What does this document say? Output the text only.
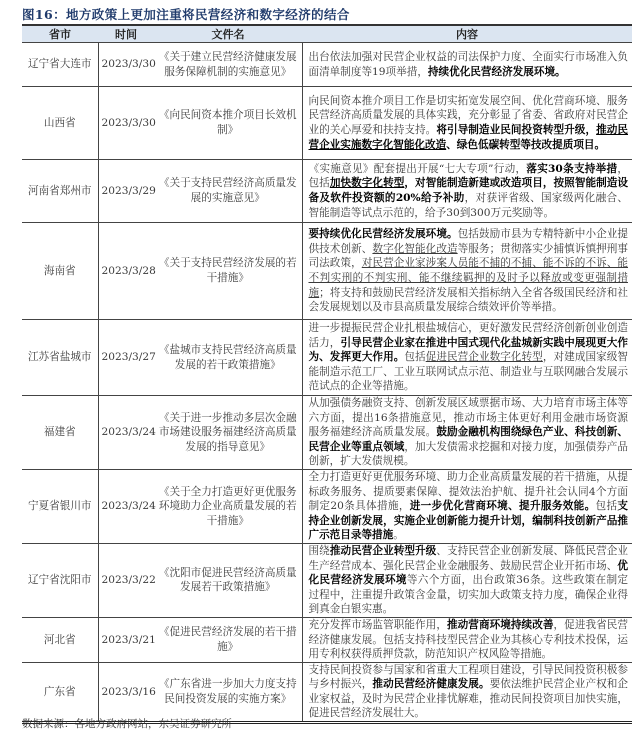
图16：地方政策上更加注重将民营经济和数字经济的结合
省市	时间	文件名	内容
辽宁省大连市	2023/3/30	《关于建立民营经济健康发展服务保障机制的实施意见》	出台依法加强对民营企业权益的司法保护力度、全面实行市场准入负面清单制度等19项举措，持续优化民营经济发展环境。
山西省	2023/3/30	《向民间资本推介项目长效机制》	向民间资本推介项目工作是切实拓宽发展空间、优化营商环境、服务民营经济高质量发展的具体实践，充分彰显了省委、省政府对民营企业的关心厚爱和扶持支持。将引导制造业民间投资转型升级，推动民营企业实施数字化智能化改造、绿色低碳转型等技改提质项目。
河南省郑州市	2023/3/29	《关于支持民营经济高质量发展的实施意见》	《实施意见》配套提出开展“七大专项”行动，落实30条支持举措，包括加快数字化转型，对智能制造新建或改造项目，按照智能制造设备及软件投资额的20%给予补助，对获评省级、国家级两化融合、智能制造等试点示范的，给予30到300万元奖励等。
海南省	2023/3/28	《关于支持民营经济发展的若干措施》	要持续优化民营经济发展环境。包括鼓励市县为专精特新中小企业提供技术创新、数字化智能化改造等服务；贯彻落实少捕慎诉慎押刑事司法政策，对民营企业家涉案人员能不捕的不捕、能不诉的不诉、能不判实刑的不判实刑、能不继续羁押的及时予以释放或变更强制措施；将支持和鼓励民营经济发展相关指标纳入全省各级国民经济和社会发展规划以及市县高质量发展综合绩效评价等举措。
江苏省盐城市	2023/3/27	《盐城市支持民营经济高质量发展的若干政策措施》	进一步提振民营企业扎根盐城信心，更好激发民营经济创新创业创造活力，引导民营企业家在推进中国式现代化盐城新实践中展现更大作为、发挥更大作用。包括促进民营企业数字化转型，对建成国家级智能制造示范工厂、工业互联网试点示范、制造业与互联网融合发展示范试点的企业等措施。
福建省	2023/3/24	《关于进一步推动多层次金融市场建设服务福建经济高质量发展的指导意见》	从加强债务融资支持、创新发展区域票据市场、大力培育市场主体等六方面，提出16条措施意见，推动市场主体更好利用金融市场资源服务福建经济高质量发展。鼓励金融机构围绕绿色产业、科技创新、民营企业等重点领域，加大发债需求挖掘和对接力度，加强债券产品创新，扩大发债规模。
宁夏省银川市	2023/3/24	《关于全力打造更好更优服务环境助力企业高质量发展的若干措施》	全力打造更好更优服务环境、助力企业高质量发展的若干措施，从提标政务服务、提质要素保障、提效法治护航、提升社会认同4个方面制定20条具体措施，进一步优化营商环境、提升服务效能。包括支持企业创新发展，实施企业创新能力提升计划，编制科技创新产品推广示范目录等措施。
辽宁省沈阳市	2023/3/22	《沈阳市促进民营经济高质量发展若干政策措施》	围绕推动民营企业转型升级、支持民营企业创新发展、降低民营企业生产经营成本、强化民营企业金融服务、鼓励民营企业开拓市场、优化民营经济发展环境等六个方面，出台政策36条。这些政策在制定过程中，注重提升政策含金量，切实加大政策支持力度，确保企业得到真金白银实惠。
河北省	2023/3/21	《促进民营经济发展的若干措施》	充分发挥市场监管职能作用，推动营商环境持续改善，促进我省民营经济健康发展。包括支持科技型民营企业为其核心专利技术投保，运用专利权获得质押贷款，防范知识产权风险等措施。
广东省	2023/3/16	《广东省进一步加大力度支持民间投资发展的实施方案》	支持民间投资参与国家和省重大工程项目建设，引导民间投资积极参与乡村振兴，推动民营经济健康发展。要依法维护民营企业产权和企业家权益，及时为民营企业排忧解难，推动民间投资项目加快实施，促进民营经济发展壮大。
数据来源：各地方政府网站，东吴证券研究所
